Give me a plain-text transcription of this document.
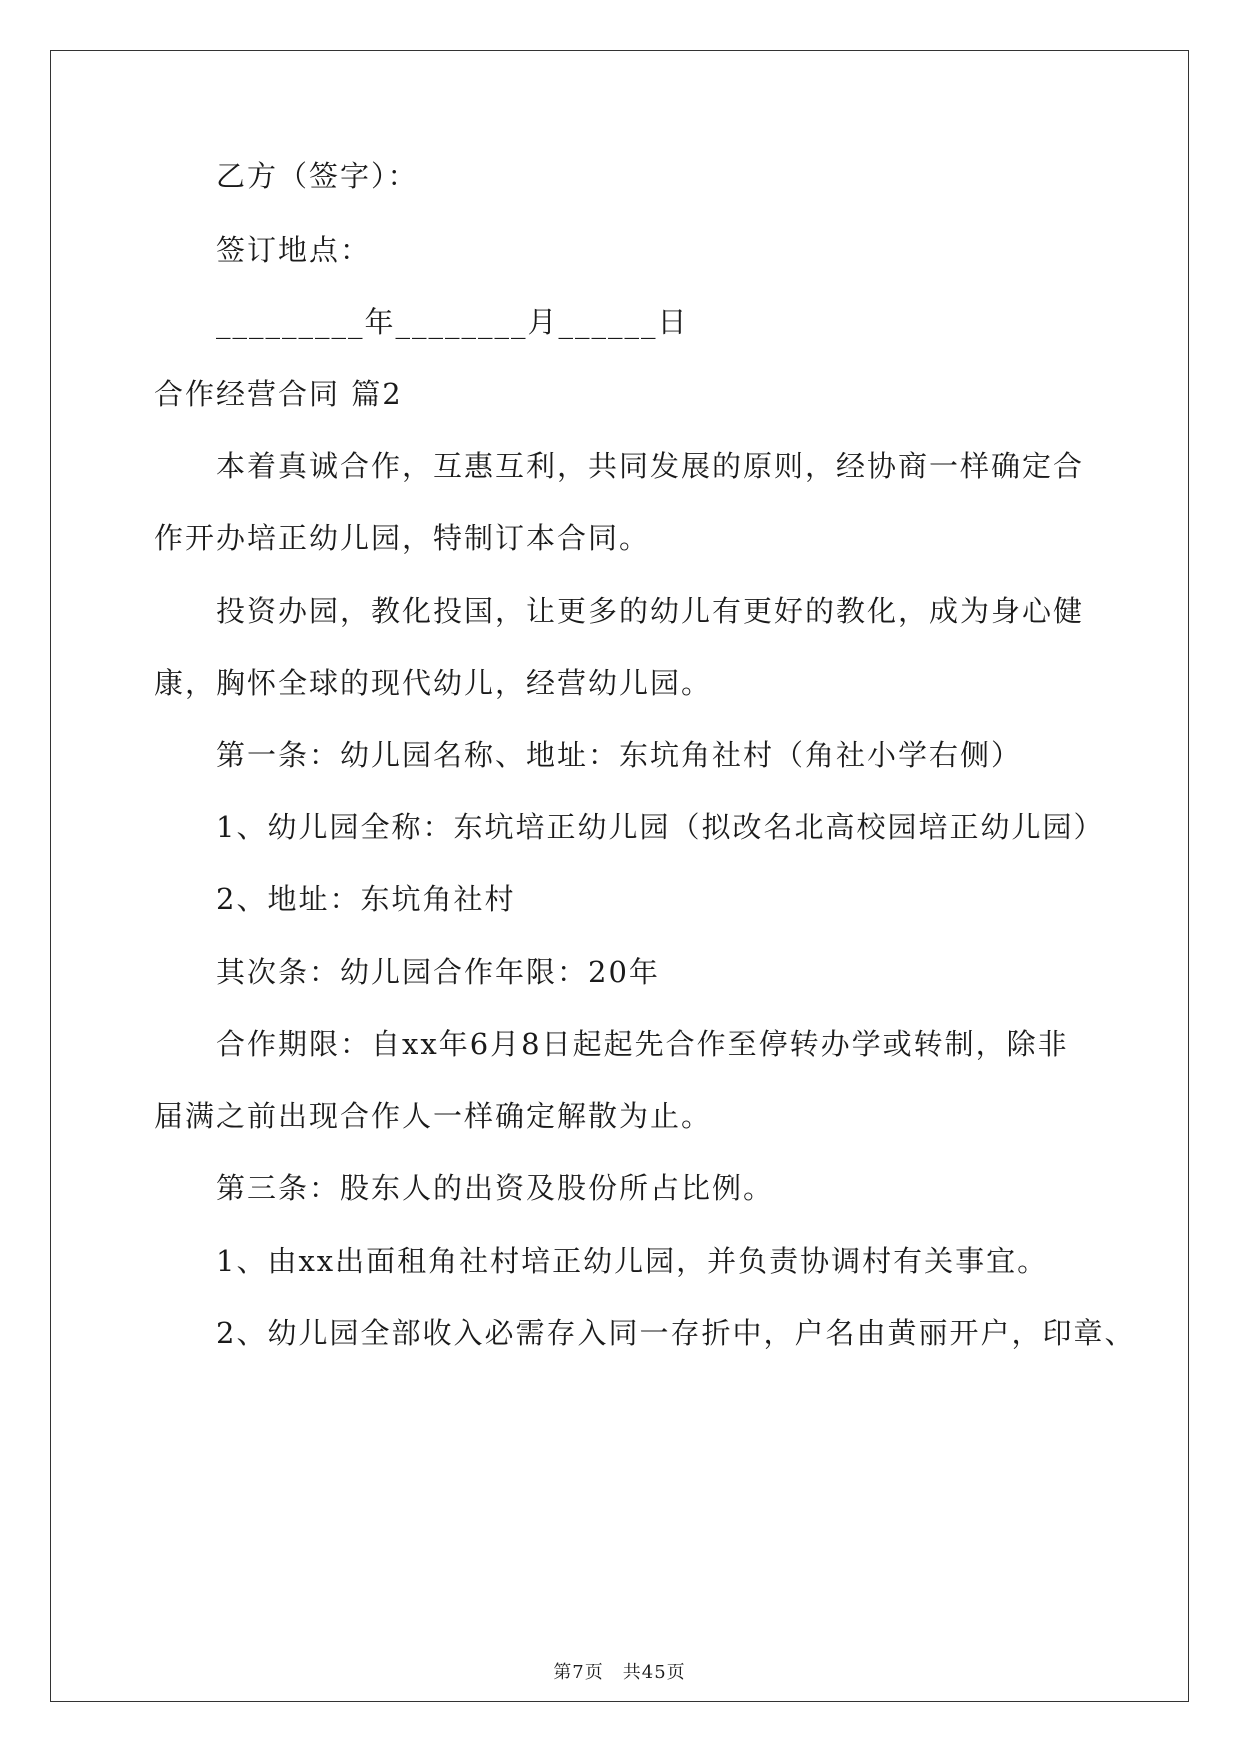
乙方（签字）：
签订地点：
_________年________月______日
合作经营合同 篇2
本着真诚合作，互惠互利，共同发展的原则，经协商一样确定合
作开办培正幼儿园，特制订本合同。
投资办园，教化投国，让更多的幼儿有更好的教化，成为身心健
康，胸怀全球的现代幼儿，经营幼儿园。
第一条：幼儿园名称、地址：东坑角社村（角社小学右侧）
1、幼儿园全称：东坑培正幼儿园（拟改名北高校园培正幼儿园）
2、地址：东坑角社村
其次条：幼儿园合作年限：20年
合作期限：自xx年6月8日起起先合作至停转办学或转制，除非
届满之前出现合作人一样确定解散为止。
第三条：股东人的出资及股份所占比例。
1、由xx出面租角社村培正幼儿园，并负责协调村有关事宜。
2、幼儿园全部收入必需存入同一存折中，户名由黄丽开户，印章、
第7页　共45页
